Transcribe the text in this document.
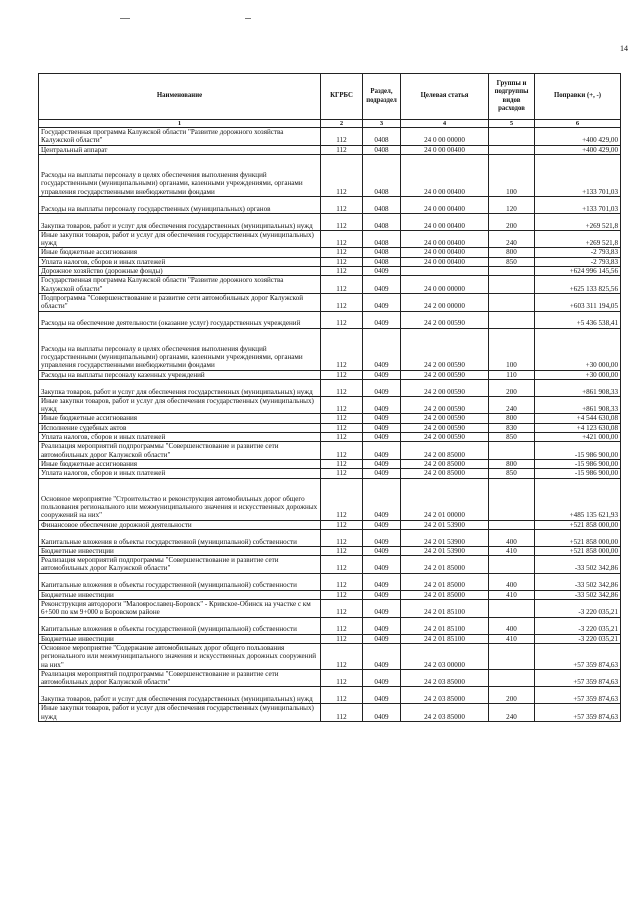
14
Наименование	КГРБС	Раздел, подраздел	Целевая статья	Группы и подгруппы видов расходов	Поправки (+, -)
1	2	3	4	5	6
Государственная программа Калужской области "Развитие дорожного хозяйства Калужской области"	112	0408	24 0 00 00000		+400 429,00
Центральный аппарат	112	0408	24 0 00 00400		+400 429,00
Расходы на выплаты персоналу в целях обеспечения выполнения функций государственными (муниципальными) органами, казенными учреждениями, органами управления государственными внебюджетными фондами	112	0408	24 0 00 00400	100	+133 701,03
Расходы на выплаты персоналу государственных (муниципальных) органов	112	0408	24 0 00 00400	120	+133 701,03
Закупка товаров, работ и услуг для обеспечения государственных (муниципальных) нужд	112	0408	24 0 00 00400	200	+269 521,8
Иные закупки товаров, работ и услуг для обеспечения государственных (муниципальных) нужд	112	0408	24 0 00 00400	240	+269 521,8
Иные бюджетные ассигнования	112	0408	24 0 00 00400	800	-2 793,83
Уплата налогов, сборов и иных платежей	112	0408	24 0 00 00400	850	-2 793,83
Дорожное хозяйство (дорожные фонды)	112	0409			+624 996 145,56
Государственная программа Калужской области "Развитие дорожного хозяйства Калужской области"	112	0409	24 0 00 00000		+625 133 825,56
Подпрограмма "Совершенствование и развитие сети автомобильных дорог Калужской области"	112	0409	24 2 00 00000		+603 311 194,05
Расходы на обеспечение деятельности (оказание услуг) государственных учреждений	112	0409	24 2 00 00590		+5 436 538,41
Расходы на выплаты персоналу в целях обеспечения выполнения функций государственными (муниципальными) органами, казенными учреждениями, органами управления государственными внебюджетными фондами	112	0409	24 2 00 00590	100	+30 000,00
Расходы на выплаты персоналу казенных учреждений	112	0409	24 2 00 00590	110	+30 000,00
Закупка товаров, работ и услуг для обеспечения государственных (муниципальных) нужд	112	0409	24 2 00 00590	200	+861 908,33
Иные закупки товаров, работ и услуг для обеспечения государственных (муниципальных) нужд	112	0409	24 2 00 00590	240	+861 908,33
Иные бюджетные ассигнования	112	0409	24 2 00 00590	800	+4 544 630,08
Исполнение судебных актов	112	0409	24 2 00 00590	830	+4 123 630,08
Уплата налогов, сборов и иных платежей	112	0409	24 2 00 00590	850	+421 000,00
Реализация мероприятий подпрограммы "Совершенствование и развитие сети автомобильных дорог Калужской области"	112	0409	24 2 00 85000		-15 986 900,00
Иные бюджетные ассигнования	112	0409	24 2 00 85000	800	-15 986 900,00
Уплата налогов, сборов и иных платежей	112	0409	24 2 00 85000	850	-15 986 900,00
Основное мероприятие "Строительство и реконструкция автомобильных дорог общего пользования регионального или межмуниципального значения и искусственных дорожных сооружений на них"	112	0409	24 2 01 00000		+485 135 621,93
Финансовое обеспечение дорожной деятельности	112	0409	24 2 01 53900		+521 858 000,00
Капитальные вложения в объекты государственной (муниципальной) собственности	112	0409	24 2 01 53900	400	+521 858 000,00
Бюджетные инвестиции	112	0409	24 2 01 53900	410	+521 858 000,00
Реализация мероприятий подпрограммы "Совершенствование и развитие сети автомобильных дорог Калужской области"	112	0409	24 2 01 85000		-33 502 342,86
Капитальные вложения в объекты государственной (муниципальной) собственности	112	0409	24 2 01 85000	400	-33 502 342,86
Бюджетные инвестиции	112	0409	24 2 01 85000	410	-33 502 342,86
Реконструкция автодороги "Малоярославец-Боровск" - Кривское-Обинск на участке с км 6+500 по км 9+000 в Боровском районе	112	0409	24 2 01 85100		-3 220 035,21
Капитальные вложения в объекты государственной (муниципальной) собственности	112	0409	24 2 01 85100	400	-3 220 035,21
Бюджетные инвестиции	112	0409	24 2 01 85100	410	-3 220 035,21
Основное мероприятие "Содержание автомобильных дорог общего пользования регионального или межмуниципального значения и искусственных дорожных сооружений на них"	112	0409	24 2 03 00000		+57 359 874,63
Реализация мероприятий подпрограммы "Совершенствование и развитие сети автомобильных дорог Калужской области"	112	0409	24 2 03 85000		+57 359 874,63
Закупка товаров, работ и услуг для обеспечения государственных (муниципальных) нужд	112	0409	24 2 03 85000	200	+57 359 874,63
Иные закупки товаров, работ и услуг для обеспечения государственных (муниципальных) нужд	112	0409	24 2 03 85000	240	+57 359 874,63
